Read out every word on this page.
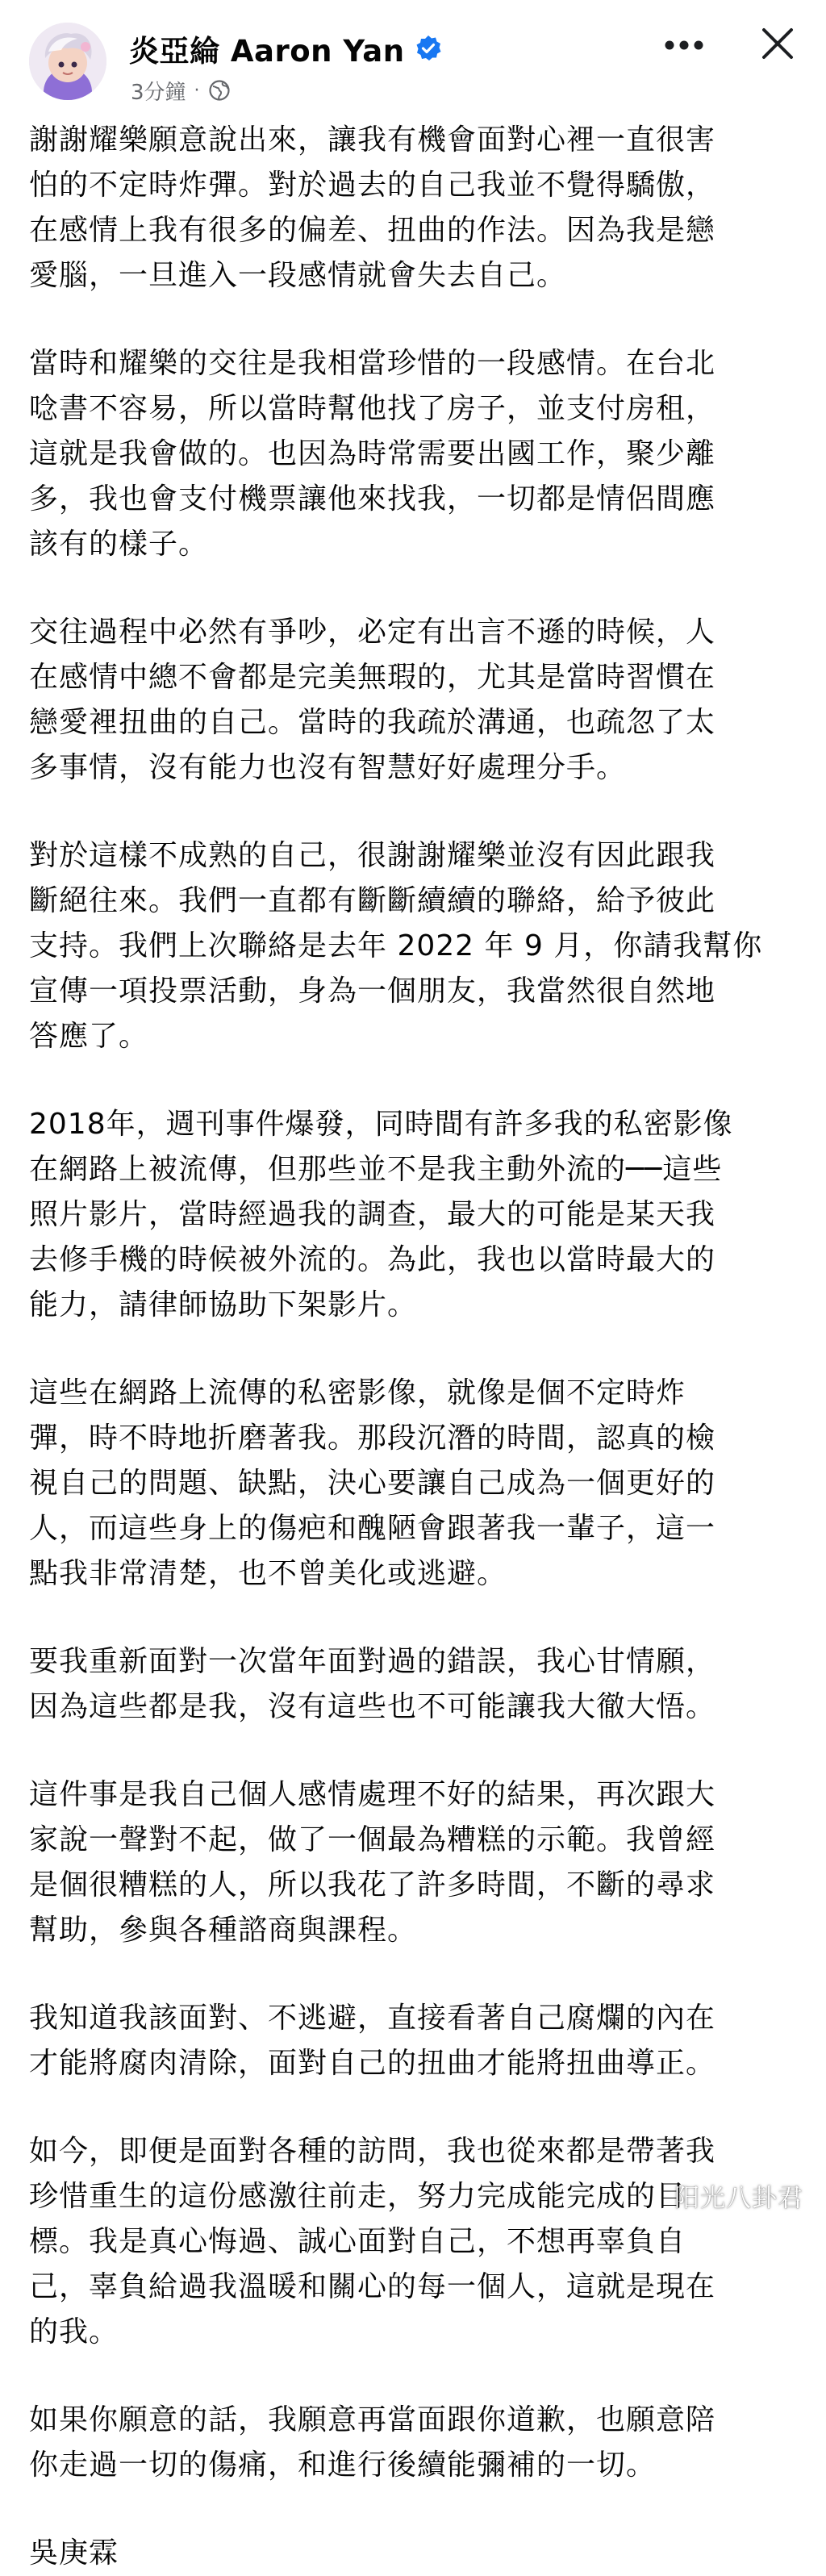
炎亞綸 Aaron Yan
3分鐘 ·

謝謝耀樂願意說出來，讓我有機會面對心裡一直很害
怕的不定時炸彈。對於過去的自己我並不覺得驕傲，
在感情上我有很多的偏差、扭曲的作法。因為我是戀
愛腦，一旦進入一段感情就會失去自己。

當時和耀樂的交往是我相當珍惜的一段感情。在台北
唸書不容易，所以當時幫他找了房子，並支付房租，
這就是我會做的。也因為時常需要出國工作，聚少離
多，我也會支付機票讓他來找我，一切都是情侶間應
該有的樣子。

交往過程中必然有爭吵，必定有出言不遜的時候，人
在感情中總不會都是完美無瑕的，尤其是當時習慣在
戀愛裡扭曲的自己。當時的我疏於溝通，也疏忽了太
多事情，沒有能力也沒有智慧好好處理分手。

對於這樣不成熟的自己，很謝謝耀樂並沒有因此跟我
斷絕往來。我們一直都有斷斷續續的聯絡，給予彼此
支持。我們上次聯絡是去年 2022 年 9 月，你請我幫你
宣傳一項投票活動，身為一個朋友，我當然很自然地
答應了。

2018年，週刊事件爆發，同時間有許多我的私密影像
在網路上被流傳，但那些並不是我主動外流的──這些
照片影片，當時經過我的調查，最大的可能是某天我
去修手機的時候被外流的。為此，我也以當時最大的
能力，請律師協助下架影片。

這些在網路上流傳的私密影像，就像是個不定時炸
彈，時不時地折磨著我。那段沉潛的時間，認真的檢
視自己的問題、缺點，決心要讓自己成為一個更好的
人，而這些身上的傷疤和醜陋會跟著我一輩子，這一
點我非常清楚，也不曾美化或逃避。

要我重新面對一次當年面對過的錯誤，我心甘情願，
因為這些都是我，沒有這些也不可能讓我大徹大悟。

這件事是我自己個人感情處理不好的結果，再次跟大
家說一聲對不起，做了一個最為糟糕的示範。我曾經
是個很糟糕的人，所以我花了許多時間，不斷的尋求
幫助，參與各種諮商與課程。

我知道我該面對、不逃避，直接看著自己腐爛的內在
才能將腐肉清除，面對自己的扭曲才能將扭曲導正。

如今，即便是面對各種的訪問，我也從來都是帶著我
珍惜重生的這份感激往前走，努力完成能完成的目
標。我是真心悔過、誠心面對自己，不想再辜負自
己，辜負給過我溫暖和關心的每一個人，這就是現在
的我。

如果你願意的話，我願意再當面跟你道歉，也願意陪
你走過一切的傷痛，和進行後續能彌補的一切。

吳庚霖

阳光八卦君
